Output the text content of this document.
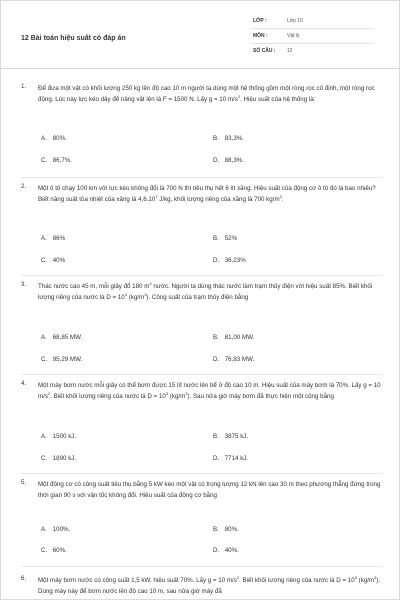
12 Bài toán hiệu suất có đáp án
LỚP :	Lớp 10
MÔN :	Vật lý
SỐ CÂU : 12
1. Để đưa một vật có khối lượng 250 kg lên độ cao 10 m người ta dùng một hệ thống gồm một ròng rọc cố định, một ròng rọc động. Lúc này lực kéo dây để nâng vật lên là F = 1500 N. Lấy g = 10 $m/s^2$. Hiệu suất của hệ thống là:
A. 80%.	B. 83,3%.
C. 86,7%.	D. 88,3%.
2. Một ô tô chạy 100 km với lực kéo không đổi là 700 N thì tiêu thụ hết 6 lít xăng. Hiệu suất của động cơ ô tô đó là bao nhiêu? Biết năng suất tỏa nhiệt của xăng là 4,6.10$^7$ J/kg, khối lượng riêng của xăng là 700 $kg/m^3$.
A. 86%	B. 52%
C. 40%	D. 36,23%
3. Thác nước cao 45 m, mỗi giây đổ 180 $m^3$ nước. Người ta dùng thác nước làm trạm thủy điện với hiệu suất 85%. Biết khối lượng riêng của nước là $D = 10^3$ $(kg/m^3)$. Công suất của trạm thủy điện bằng
A. 68,85 MW.	B. 81,00 MW.
C. 95,29 MW.	D. 76,83 MW.
4. Một máy bơm nước mỗi giây có thể bơm được 15 lít nước lên bể ở độ cao 10 m. Hiệu suất của máy bơm là 70%. Lấy g = 10 $m/s^2$. Biết khối lượng riêng của nước là $D = 10^3$ $(kg/m^3)$. Sau nửa giờ máy bơm đã thực hiện một công bằng
A. 1500 kJ.	B. 3875 kJ.
C. 1890 kJ.	D. 7714 kJ.
5. Một động cơ có công suất tiêu thụ bằng 5 kW kéo một vật có trọng lượng 12 kN lên cao 30 m theo phương thẳng đứng trong thời gian 90 s với vận tốc không đổi. Hiệu suất của động cơ bằng
A. 100%.	B. 80%.
C. 60%.	D. 40%.
6. Một máy bơm nước có công suất 1,5 kW, hiệu suất 70%. Lấy g = 10 $m/s^2$. Biết khối lượng riêng của nước là $D = 10^3$ $(kg/m^3)$. Dùng máy này để bơm nước lên độ cao 10 m, sau nửa giờ máy đã
